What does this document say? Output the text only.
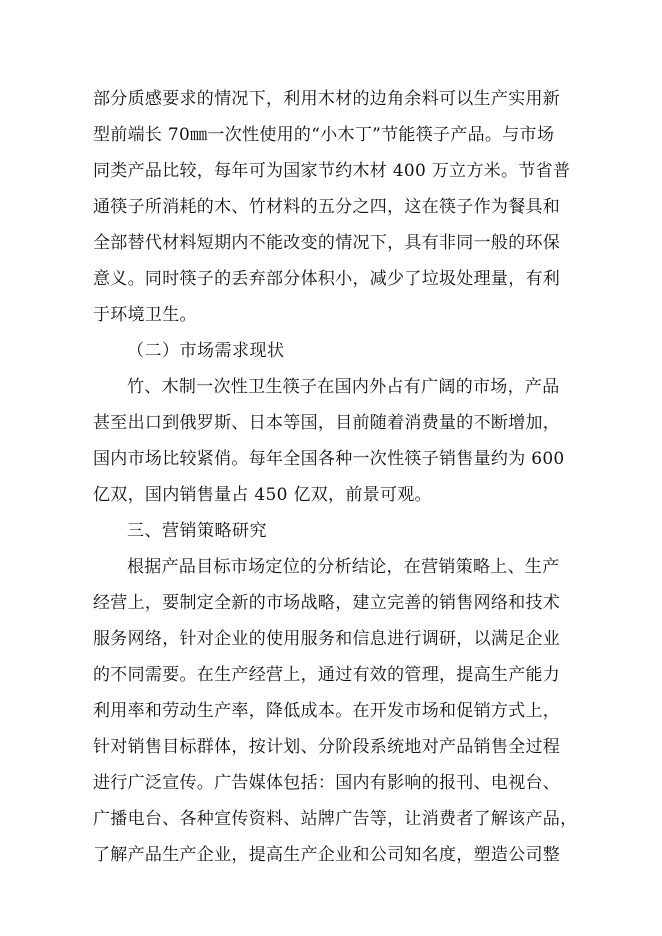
部分质感要求的情况下，利用木材的边角余料可以生产实用新
型前端长 70㎜一次性使用的“小木丁”节能筷子产品。与市场
同类产品比较，每年可为国家节约木材 400 万立方米。节省普
通筷子所消耗的木、竹材料的五分之四，这在筷子作为餐具和
全部替代材料短期内不能改变的情况下，具有非同一般的环保
意义。同时筷子的丢弃部分体积小，减少了垃圾处理量，有利
于环境卫生。
（二）市场需求现状
竹、木制一次性卫生筷子在国内外占有广阔的市场，产品
甚至出口到俄罗斯、日本等国，目前随着消费量的不断增加，
国内市场比较紧俏。每年全国各种一次性筷子销售量约为 600
亿双，国内销售量占 450 亿双，前景可观。
三、营销策略研究
根据产品目标市场定位的分析结论，在营销策略上、生产
经营上，要制定全新的市场战略，建立完善的销售网络和技术
服务网络，针对企业的使用服务和信息进行调研，以满足企业
的不同需要。在生产经营上，通过有效的管理，提高生产能力
利用率和劳动生产率，降低成本。在开发市场和促销方式上，
针对销售目标群体，按计划、分阶段系统地对产品销售全过程
进行广泛宣传。广告媒体包括：国内有影响的报刊、电视台、
广播电台、各种宣传资料、站牌广告等，让消费者了解该产品，
了解产品生产企业，提高生产企业和公司知名度，塑造公司整
